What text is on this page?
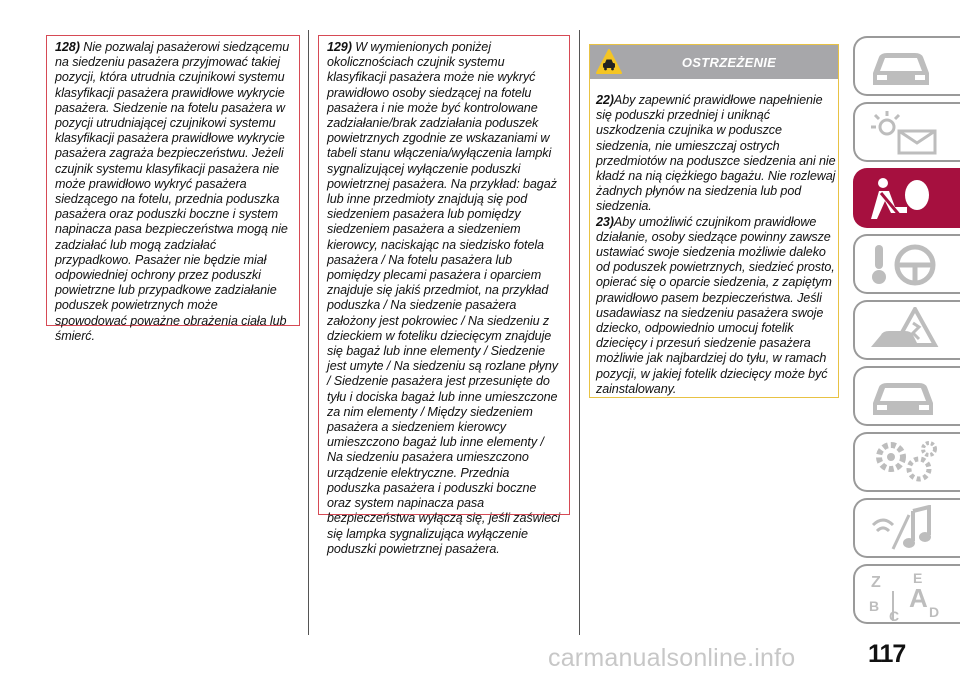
128) Nie pozwalaj pasażerowi siedzącemu na siedzeniu pasażera przyjmować takiej pozycji, która utrudnia czujnikowi systemu klasyfikacji pasażera prawidłowe wykrycie pasażera. Siedzenie na fotelu pasażera w pozycji utrudniającej czujnikowi systemu klasyfikacji pasażera prawidłowe wykrycie pasażera zagraża bezpieczeństwu. Jeżeli czujnik systemu klasyfikacji pasażera nie może prawidłowo wykryć pasażera siedzącego na fotelu, przednia poduszka pasażera oraz poduszki boczne i system napinacza pasa bezpieczeństwa mogą nie zadziałać lub mogą zadziałać przypadkowo. Pasażer nie będzie miał odpowiedniej ochrony przez poduszki powietrzne lub przypadkowe zadziałanie poduszek powietrznych może spowodować poważne obrażenia ciała lub śmierć.
129) W wymienionych poniżej okolicznościach czujnik systemu klasyfikacji pasażera może nie wykryć prawidłowo osoby siedzącej na fotelu pasażera i nie może być kontrolowane zadziałanie/brak zadziałania poduszek powietrznych zgodnie ze wskazaniami w tabeli stanu włączenia/wyłączenia lampki sygnalizującej wyłączenie poduszki powietrznej pasażera. Na przykład: bagaż lub inne przedmioty znajdują się pod siedzeniem pasażera lub pomiędzy siedzeniem pasażera a siedzeniem kierowcy, naciskając na siedzisko fotela pasażera / Na fotelu pasażera lub pomiędzy plecami pasażera i oparciem znajduje się jakiś przedmiot, na przykład poduszka / Na siedzenie pasażera założony jest pokrowiec / Na siedzeniu z dzieckiem w foteliku dziecięcym znajduje się bagaż lub inne elementy / Siedzenie jest umyte / Na siedzeniu są rozlane płyny / Siedzenie pasażera jest przesunięte do tyłu i dociska bagaż lub inne umieszczone za nim elementy / Między siedzeniem pasażera a siedzeniem kierowcy umieszczono bagaż lub inne elementy / Na siedzeniu pasażera umieszczono urządzenie elektryczne. Przednia poduszka pasażera i poduszki boczne oraz system napinacza pasa bezpieczeństwa wyłączą się, jeśli zaświeci się lampka sygnalizująca wyłączenie poduszki powietrznej pasażera.
OSTRZEŻENIE

22)Aby zapewnić prawidłowe napełnienie się poduszki przedniej i uniknąć uszkodzenia czujnika w poduszce siedzenia, nie umieszczaj ostrych przedmiotów na poduszce siedzenia ani nie kładź na nią ciężkiego bagażu. Nie rozlewaj żadnych płynów na siedzenia lub pod siedzenia.

23)Aby umożliwić czujnikom prawidłowe działanie, osoby siedzące powinny zawsze ustawiać swoje siedzenia możliwie daleko od poduszek powietrznych, siedzieć prosto, opierać się o oparcie siedzenia, z zapiętym prawidłowo pasem bezpieczeństwa. Jeśli usadawiasz na siedzeniu pasażera swoje dziecko, odpowiednio umocuj fotelik dziecięcy i przesuń siedzenie pasażera możliwie jak najbardziej do tyłu, w ramach pozycji, w jakiej fotelik dziecięcy może być zainstalowany.

Z E
A
B
C D
117
carmanualsonline.info
